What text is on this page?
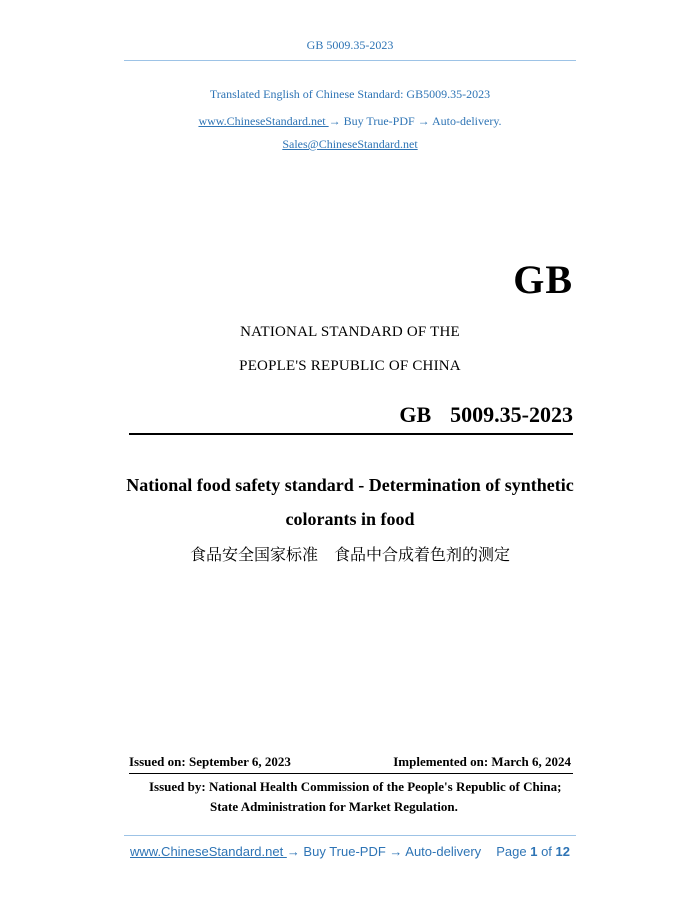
GB 5009.35-2023
Translated English of Chinese Standard: GB5009.35-2023
www.ChineseStandard.net → Buy True-PDF → Auto-delivery.
Sales@ChineseStandard.net
GB
NATIONAL STANDARD OF THE
PEOPLE'S REPUBLIC OF CHINA
GB  5009.35-2023
National food safety standard - Determination of synthetic
colorants in food
食品安全国家标准　食品中合成着色剂的测定
Issued on: September 6, 2023	Implemented on: March 6, 2024
Issued by: National Health Commission of the People's Republic of China;
State Administration for Market Regulation.
www.ChineseStandard.net → Buy True-PDF → Auto-delivery Page 1 of 12
